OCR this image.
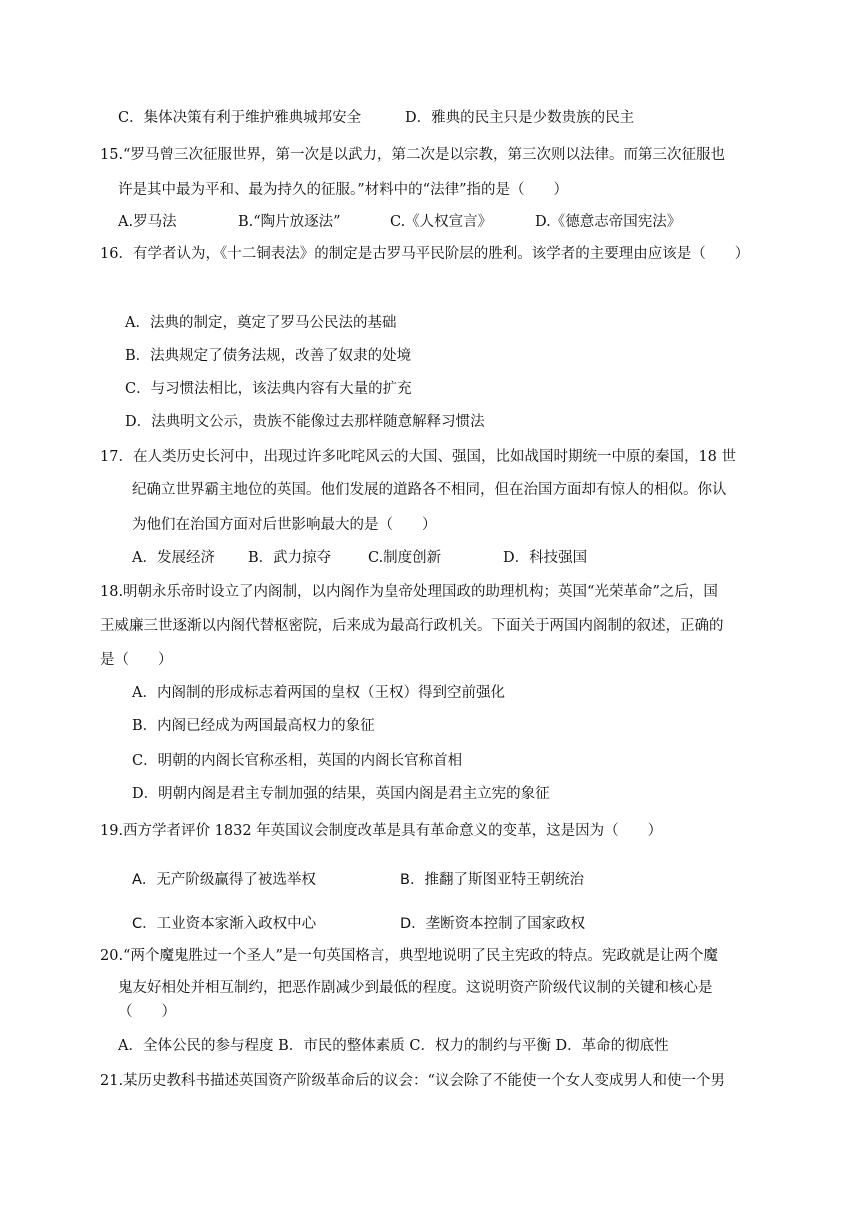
C．集体决策有利于维护雅典城邦安全	D．雅典的民主只是少数贵族的民主

15.“罗马曾三次征服世界，第一次是以武力，第二次是以宗教，第三次则以法律。而第三次征服也

许是其中最为平和、最为持久的征服。”材料中的“法律”指的是（　　）

A.罗马法	B.“陶片放逐法”	C.《人权宣言》	D.《德意志帝国宪法》

16．有学者认为，《十二铜表法》的制定是古罗马平民阶层的胜利。该学者的主要理由应该是（　　）

A．法典的制定，奠定了罗马公民法的基础

B．法典规定了债务法规，改善了奴隶的处境

C．与习惯法相比，该法典内容有大量的扩充

D．法典明文公示，贵族不能像过去那样随意解释习惯法

17．在人类历史长河中，出现过许多叱咤风云的大国、强国，比如战国时期统一中原的秦国，18 世

纪确立世界霸主地位的英国。他们发展的道路各不相同，但在治国方面却有惊人的相似。你认

为他们在治国方面对后世影响最大的是（　　）

A．发展经济 B．武力掠夺	C.制度创新	D．科技强国

18.明朝永乐帝时设立了内阁制，以内阁作为皇帝处理国政的助理机构；英国“光荣革命”之后，国

王威廉三世逐渐以内阁代替枢密院，后来成为最高行政机关。下面关于两国内阁制的叙述，正确的

是（　　）

A．内阁制的形成标志着两国的皇权（王权）得到空前强化

B．内阁已经成为两国最高权力的象征

C．明朝的内阁长官称丞相，英国的内阁长官称首相

D．明朝内阁是君主专制加强的结果，英国内阁是君主立宪的象征

19.西方学者评价 1832 年英国议会制度改革是具有革命意义的变革，这是因为（　　）

A．无产阶级赢得了被选举权	B．推翻了斯图亚特王朝统治

C．工业资本家渐入政权中心	D．垄断资本控制了国家政权

20.“两个魔鬼胜过一个圣人”是一句英国格言，典型地说明了民主宪政的特点。宪政就是让两个魔

鬼友好相处并相互制约，把恶作剧减少到最低的程度。这说明资产阶级代议制的关键和核心是

（　　）

A．全体公民的参与程度 B．市民的整体素质 C．权力的制约与平衡 D．革命的彻底性

21.某历史教科书描述英国资产阶级革命后的议会：“议会除了不能使一个女人变成男人和使一个男
